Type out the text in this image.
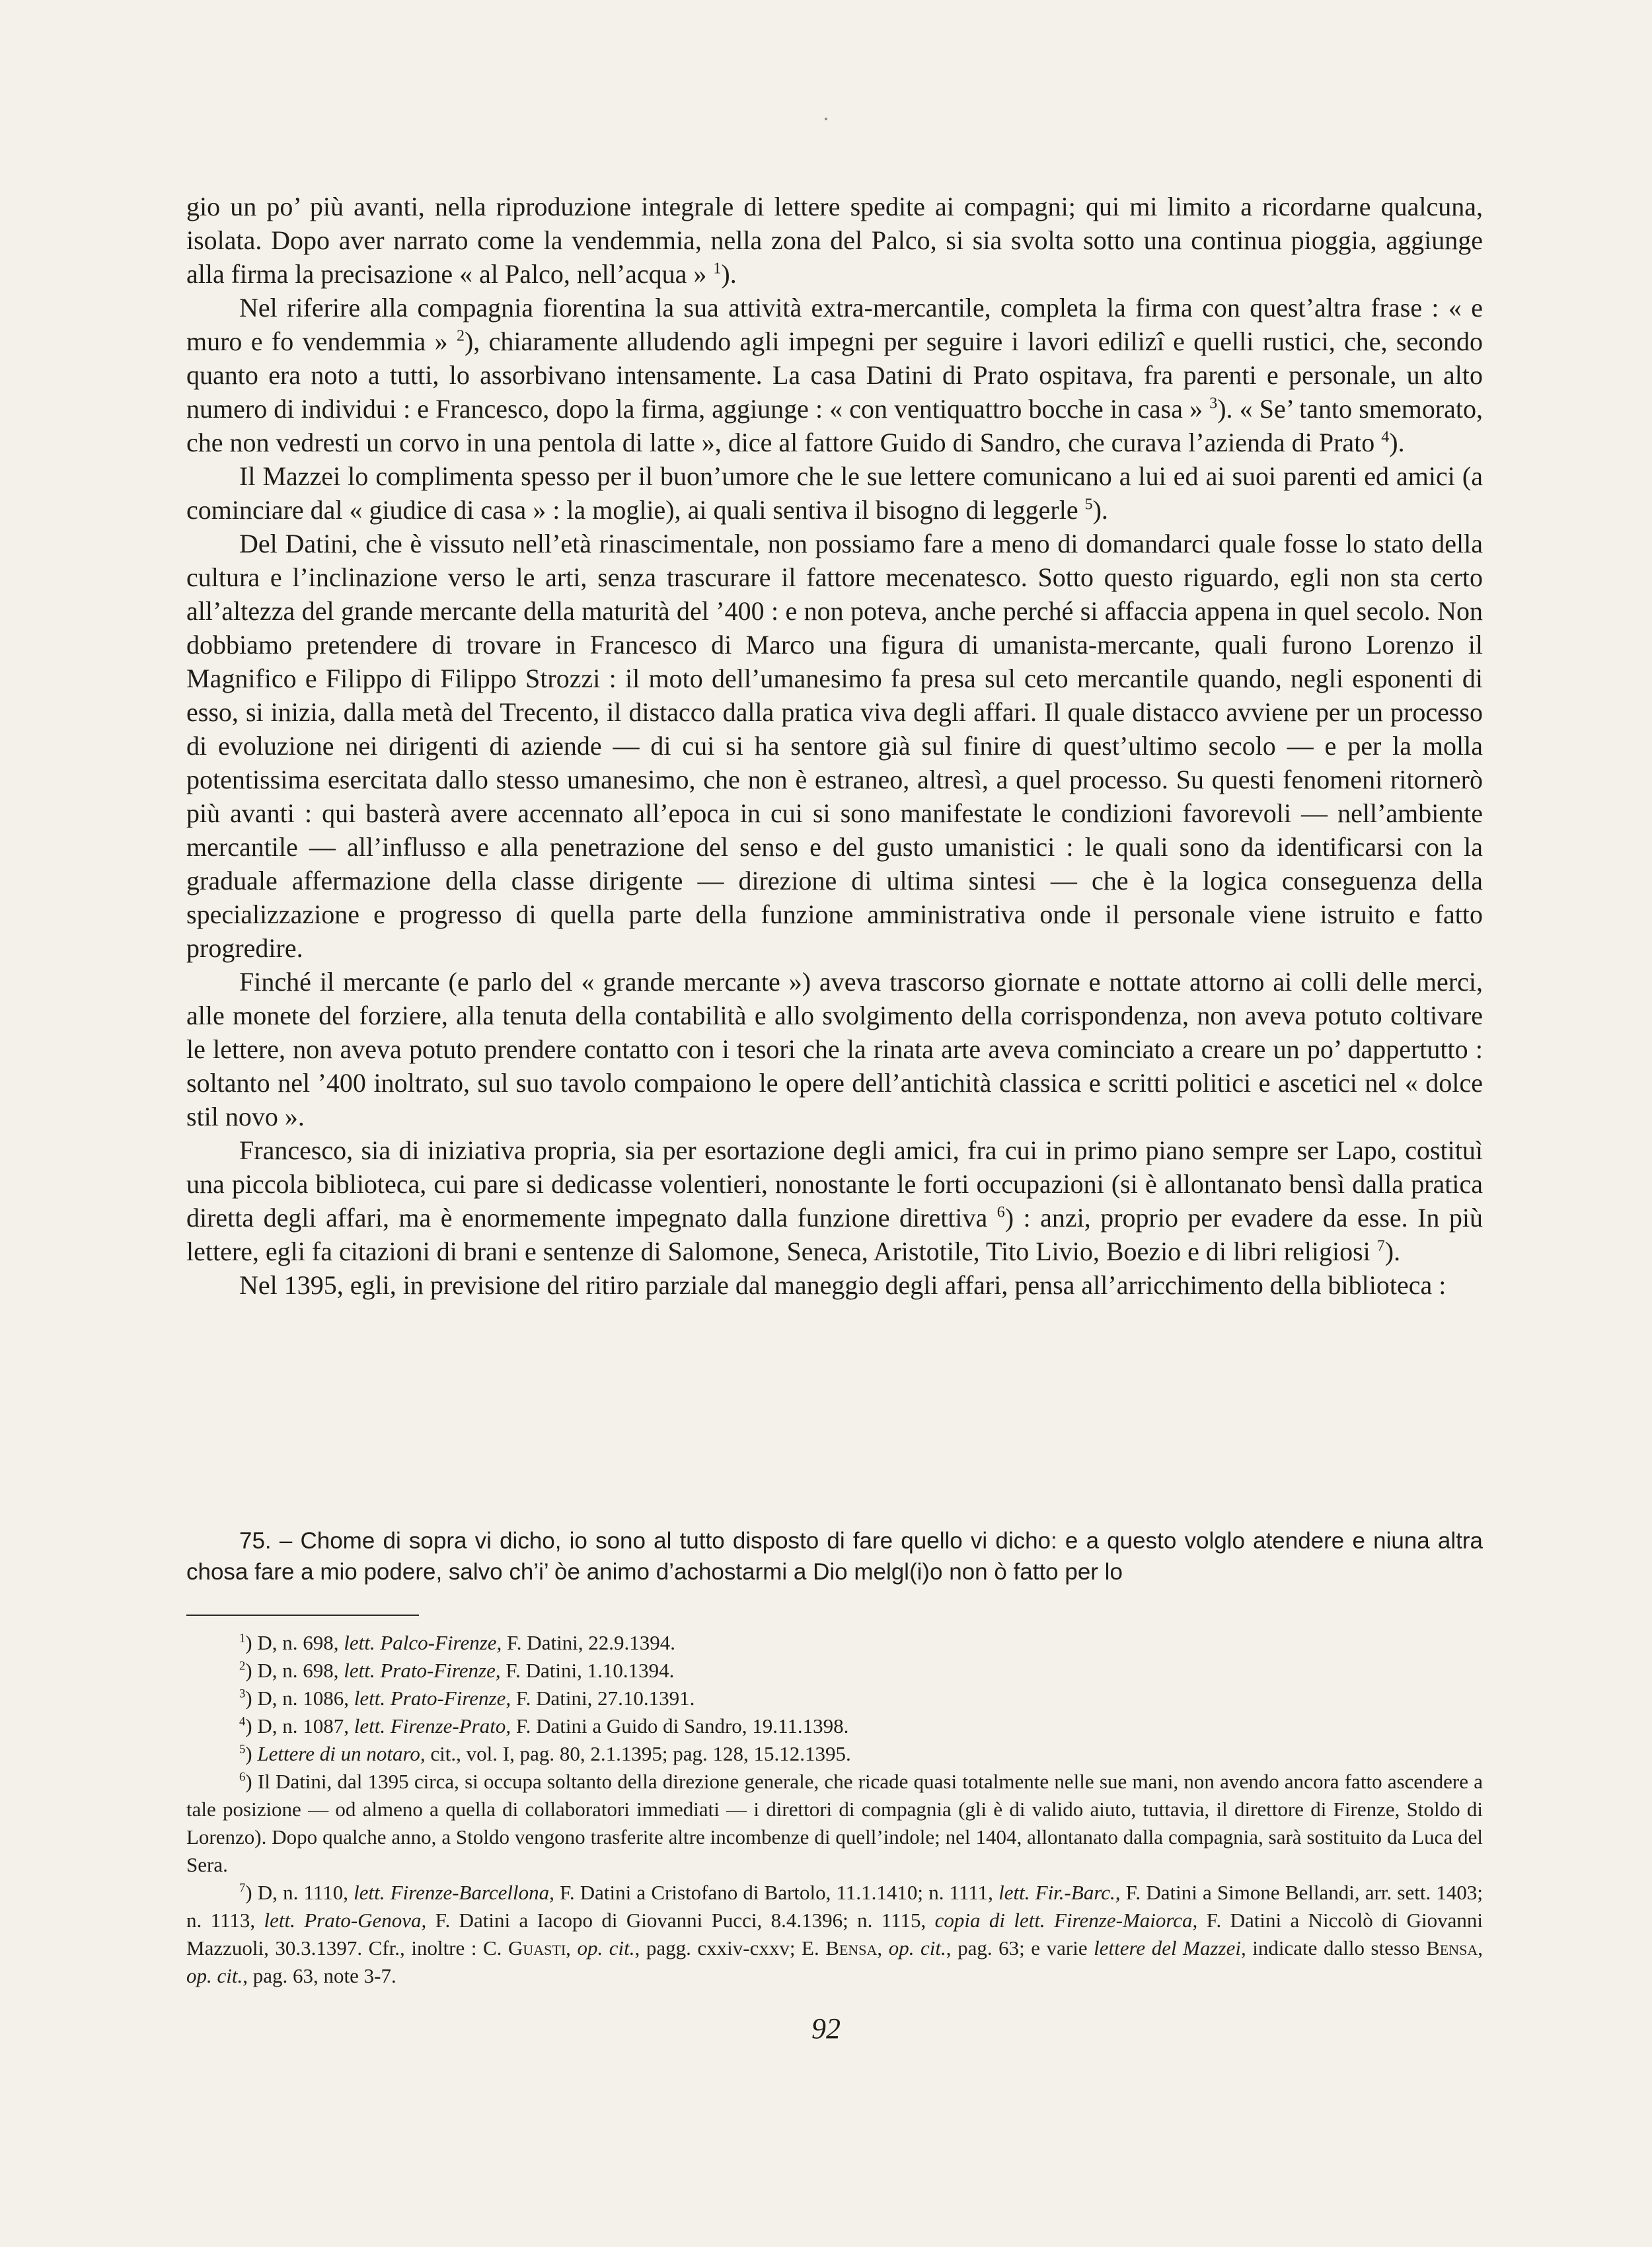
gio un po’ più avanti, nella riproduzione integrale di lettere spedite ai compagni; qui mi limito a ricordarne qualcuna, isolata. Dopo aver narrato come la vendemmia, nella zona del Palco, si sia svolta sotto una continua pioggia, aggiunge alla firma la precisazione « al Palco, nell’acqua » $^1$).

Nel riferire alla compagnia fiorentina la sua attività extra-mercantile, completa la firma con quest’altra frase : « e muro e fo vendemmia » $^2$), chiaramente alludendo agli impegni per seguire i lavori edilizî e quelli rustici, che, secondo quanto era noto a tutti, lo assorbivano intensamente. La casa Datini di Prato ospitava, fra parenti e personale, un alto numero di individui : e Francesco, dopo la firma, aggiunge : « con ventiquattro bocche in casa » $^3$). « Se’ tanto smemorato, che non vedresti un corvo in una pentola di latte », dice al fattore Guido di Sandro, che curava l’azienda di Prato $^4$).

Il Mazzei lo complimenta spesso per il buon’umore che le sue lettere comunicano a lui ed ai suoi parenti ed amici (a cominciare dal « giudice di casa » : la moglie), ai quali sentiva il bisogno di leggerle $^5$).

Del Datini, che è vissuto nell’età rinascimentale, non possiamo fare a meno di domandarci quale fosse lo stato della cultura e l’inclinazione verso le arti, senza trascurare il fattore mecenatesco. Sotto questo riguardo, egli non sta certo all’altezza del grande mercante della maturità del ’400 : e non poteva, anche perché si affaccia appena in quel secolo. Non dobbiamo pretendere di trovare in Francesco di Marco una figura di umanista-mercante, quali furono Lorenzo il Magnifico e Filippo di Filippo Strozzi : il moto dell’umanesimo fa presa sul ceto mercantile quando, negli esponenti di esso, si inizia, dalla metà del Trecento, il distacco dalla pratica viva degli affari. Il quale distacco avviene per un processo di evoluzione nei dirigenti di aziende — di cui si ha sentore già sul finire di quest’ultimo secolo — e per la molla potentissima esercitata dallo stesso umanesimo, che non è estraneo, altresì, a quel processo. Su questi fenomeni ritornerò più avanti : qui basterà avere accennato all’epoca in cui si sono manifestate le condizioni favorevoli — nell’ambiente mercantile — all’influsso e alla penetrazione del senso e del gusto umanistici : le quali sono da identificarsi con la graduale affermazione della classe dirigente — direzione di ultima sintesi — che è la logica conseguenza della specializzazione e progresso di quella parte della funzione amministrativa onde il personale viene istruito e fatto progredire.

Finché il mercante (e parlo del « grande mercante ») aveva trascorso giornate e nottate attorno ai colli delle merci, alle monete del forziere, alla tenuta della contabilità e allo svolgimento della corrispondenza, non aveva potuto coltivare le lettere, non aveva potuto prendere contatto con i tesori che la rinata arte aveva cominciato a creare un po’ dappertutto : soltanto nel ’400 inoltrato, sul suo tavolo compaiono le opere dell’antichità classica e scritti politici e ascetici nel « dolce stil novo ».

Francesco, sia di iniziativa propria, sia per esortazione degli amici, fra cui in primo piano sempre ser Lapo, costituì una piccola biblioteca, cui pare si dedicasse volentieri, nonostante le forti occupazioni (si è allontanato bensì dalla pratica diretta degli affari, ma è enormemente impegnato dalla funzione direttiva $^6$) : anzi, proprio per evadere da esse. In più lettere, egli fa citazioni di brani e sentenze di Salomone, Seneca, Aristotile, Tito Livio, Boezio e di libri religiosi $^7$).

Nel 1395, egli, in previsione del ritiro parziale dal maneggio degli affari, pensa all’arricchimento della biblioteca :

75. – Chome di sopra vi dicho, io sono al tutto disposto di fare quello vi dicho: e a questo volglo atendere e niuna altra chosa fare a mio podere, salvo ch’i’ òe animo d’achostarmi a Dio melgl(i)o non ò fatto per lo
$^1$) D, n. 698, lett. Palco-Firenze, F. Datini, 22.9.1394.
$^2$) D, n. 698, lett. Prato-Firenze, F. Datini, 1.10.1394.
$^3$) D, n. 1086, lett. Prato-Firenze, F. Datini, 27.10.1391.
$^4$) D, n. 1087, lett. Firenze-Prato, F. Datini a Guido di Sandro, 19.11.1398.
$^5$) Lettere di un notaro, cit., vol. I, pag. 80, 2.1.1395; pag. 128, 15.12.1395.
$^6$) Il Datini, dal 1395 circa, si occupa soltanto della direzione generale, che ricade quasi totalmente nelle sue mani, non avendo ancora fatto ascendere a tale posizione — od almeno a quella di collaboratori immediati — i direttori di compagnia (gli è di valido aiuto, tuttavia, il direttore di Firenze, Stoldo di Lorenzo). Dopo qualche anno, a Stoldo vengono trasferite altre incombenze di quell’indole; nel 1404, allontanato dalla compagnia, sarà sostituito da Luca del Sera.
$^7$) D, n. 1110, lett. Firenze-Barcellona, F. Datini a Cristofano di Bartolo, 11.1.1410; n. 1111, lett. Fir.-Barc., F. Datini a Simone Bellandi, arr. sett. 1403; n. 1113, lett. Prato-Genova, F. Datini a Iacopo di Giovanni Pucci, 8.4.1396; n. 1115, copia di lett. Firenze-Maiorca, F. Datini a Niccolò di Giovanni Mazzuoli, 30.3.1397. Cfr., inoltre : C. Guasti, op. cit., pagg. cxxiv-cxxv; E. Bensa, op. cit., pag. 63; e varie lettere del Mazzei, indicate dallo stesso Bensa, op. cit., pag. 63, note 3-7.
92
